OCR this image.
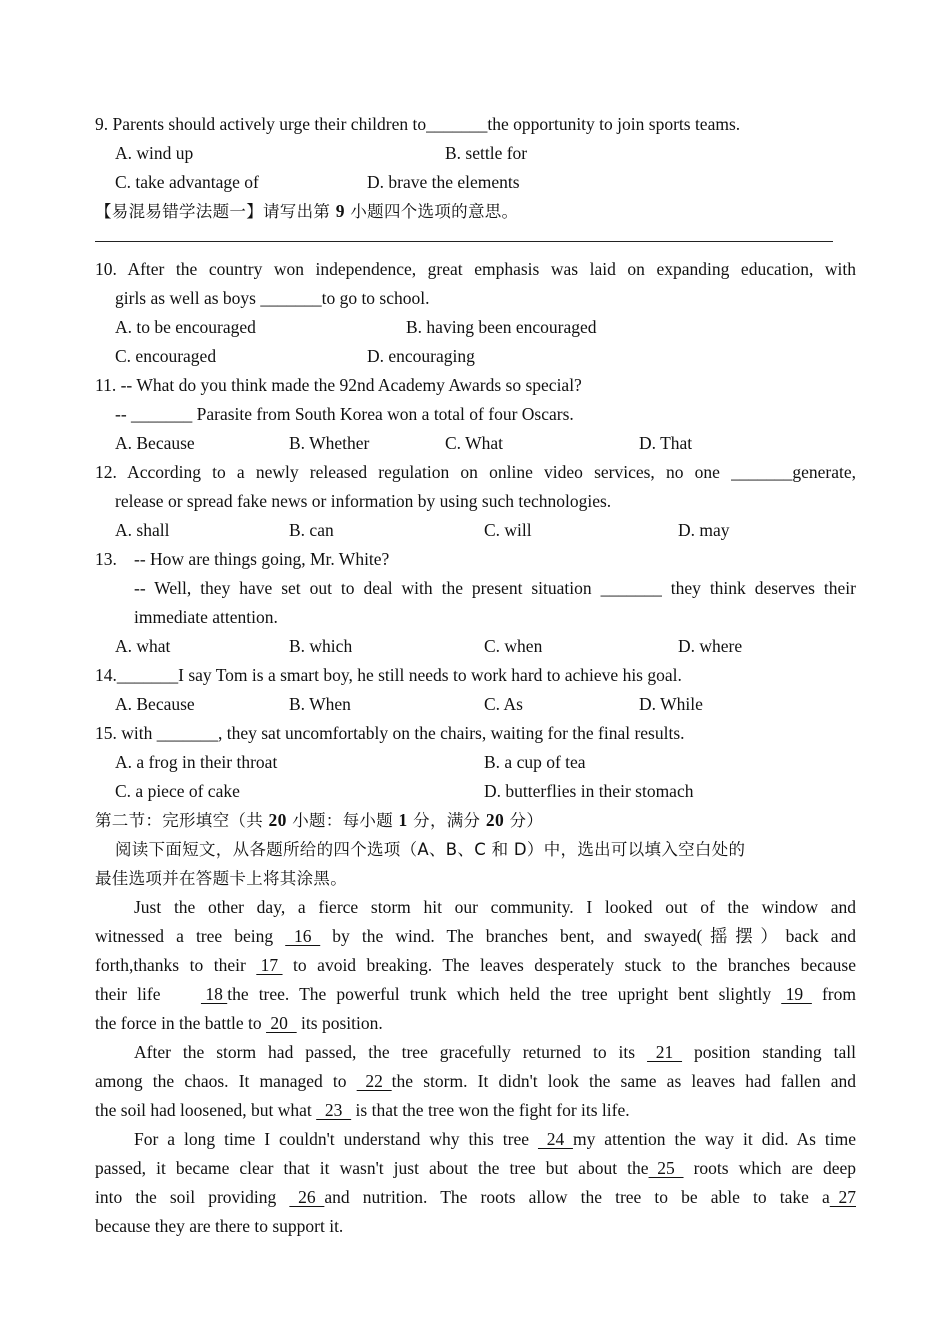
9. Parents should actively urge their children to_______the opportunity to join sports teams.
A. wind up	B. settle for
C. take advantage of	D. brave the elements
【易混易错学法题一】请写出第 9 小题四个选项的意思。
10. After the country won independence, great emphasis was laid on expanding education, with
girls as well as boys _______to go to school.
A. to be encouraged	B. having been encouraged
C. encouraged	D. encouraging
11. -- What do you think made the 92nd Academy Awards so special?
-- _______ Parasite from South Korea won a total of four Oscars.
A. Because	B. Whether	C. What	D. That
12. According to a newly released regulation on online video services, no one _______generate,
release or spread fake news or information by using such technologies.
A. shall	B. can	C. will	D. may
13. -- How are things going, Mr. White?
-- Well, they have set out to deal with the present situation _______ they think deserves their
immediate attention.
A. what	B. which	C. when	D. where
14._______I say Tom is a smart boy, he still needs to work hard to achieve his goal.
A. Because	B. When	C. As	D. While
15. with _______, they sat uncomfortably on the chairs, waiting for the final results.
A. a frog in their throat	B. a cup of tea
C. a piece of cake	D. butterflies in their stomach
第二节：完形填空（共 20 小题：每小题 1 分，满分 20 分）
阅读下面短文，从各题所给的四个选项（A、B、C 和 D）中，选出可以填入空白处的
最佳选项并在答题卡上将其涂黑。
Just the other day, a fierce storm hit our community. I looked out of the window and
witnessed a tree being   16   by the wind. The branches bent, and swayed(摇摆）back and
forth,thanks to their  17  to avoid breaking. The leaves desperately stuck to the branches because
their life     18 the tree. The powerful trunk which held the tree upright bent slightly  19   from
the force in the battle to  20   its position.
After the storm had passed, the tree gracefully returned to its   21   position standing tall
among the chaos. It managed to   22  the storm. It didn't look the same as leaves had fallen and
the soil had loosened, but what   23   is that the tree won the fight for its life.
For a long time I couldn't understand why this tree   24  my attention the way it did. As time
passed, it became clear that it wasn't just about the tree but about the  25   roots which are deep
into the soil providing   26  and nutrition. The roots allow the tree to be able to take a  27
because they are there to support it.
